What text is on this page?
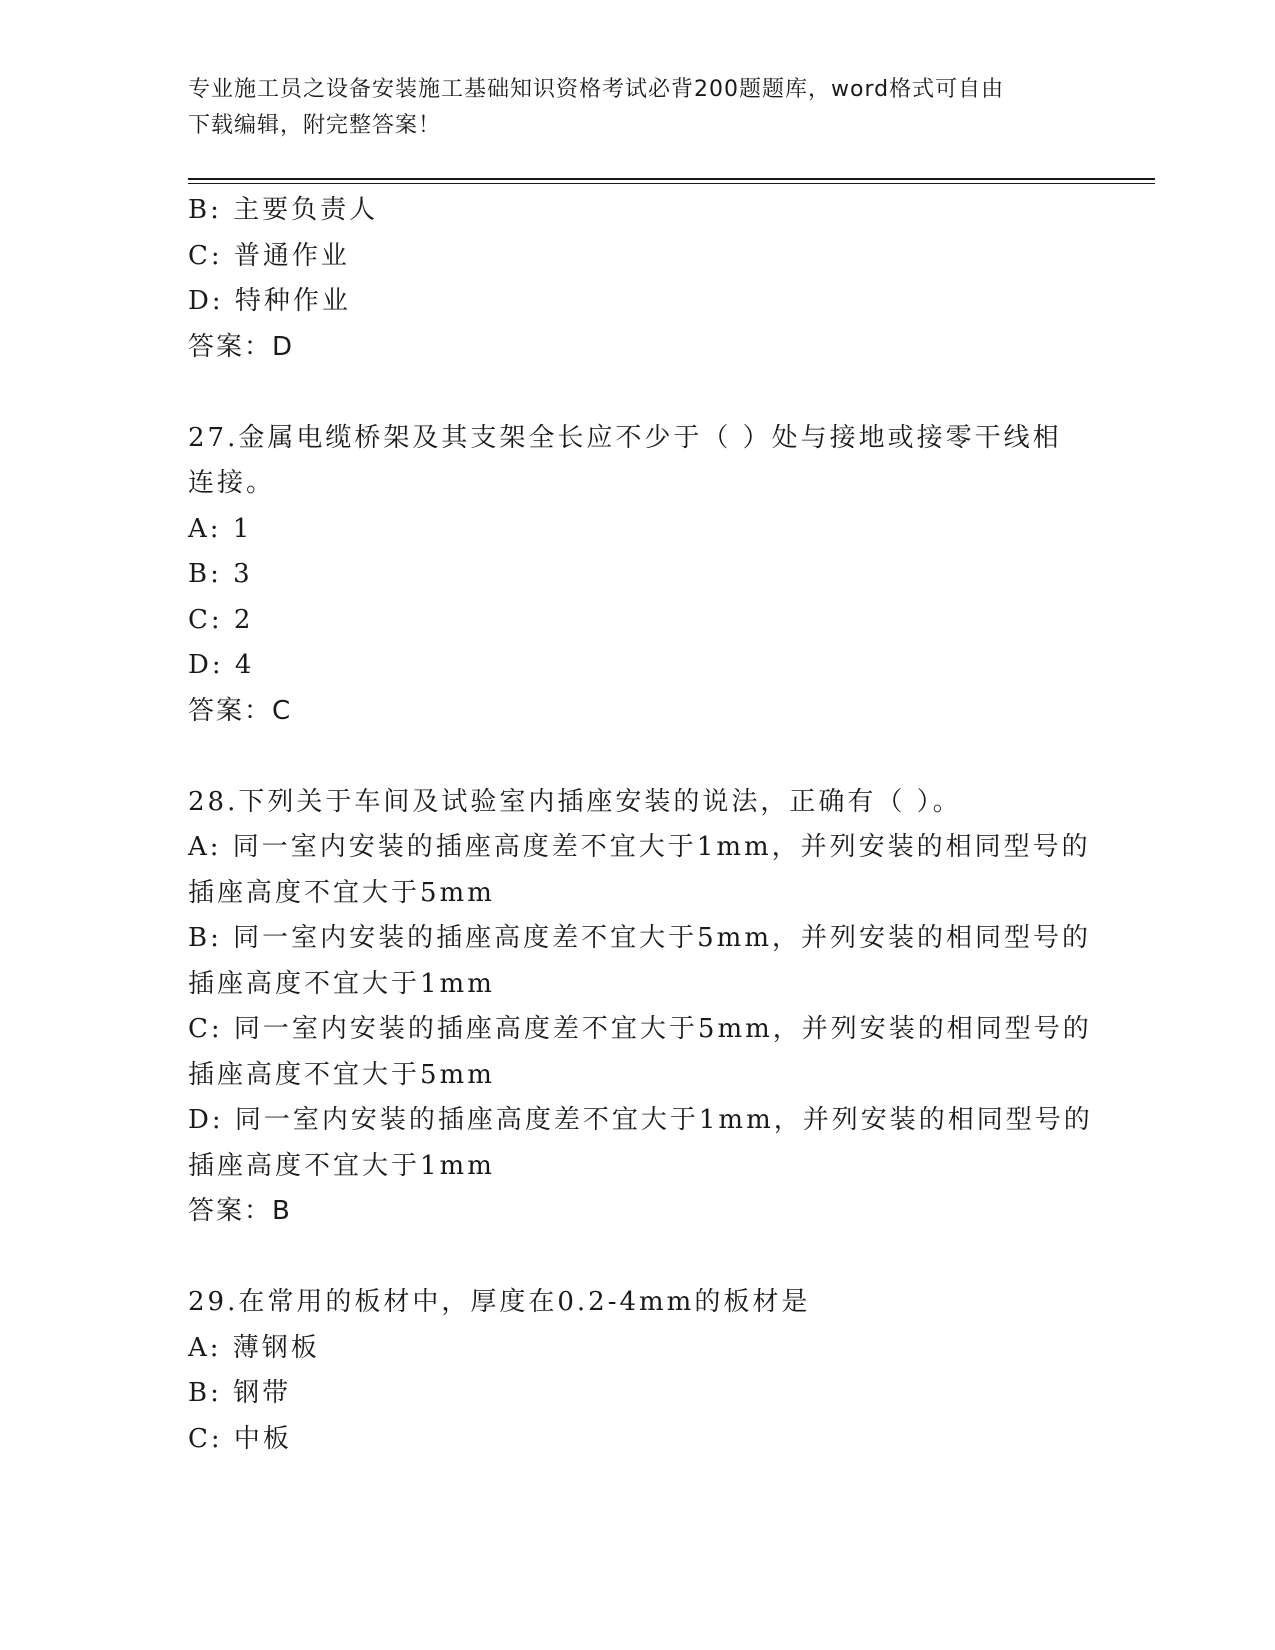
专业施工员之设备安装施工基础知识资格考试必背200题题库，word格式可自由
下载编辑，附完整答案！
B: 主要负责人
C: 普通作业
D: 特种作业
答案：D
27.金属电缆桥架及其支架全长应不少于（ ）处与接地或接零干线相
连接。
A: 1
B: 3
C: 2
D: 4
答案：C
28.下列关于车间及试验室内插座安装的说法，正确有（ ）。
A: 同一室内安装的插座高度差不宜大于1mm，并列安装的相同型号的
插座高度不宜大于5mm
B: 同一室内安装的插座高度差不宜大于5mm，并列安装的相同型号的
插座高度不宜大于1mm
C: 同一室内安装的插座高度差不宜大于5mm，并列安装的相同型号的
插座高度不宜大于5mm
D: 同一室内安装的插座高度差不宜大于1mm，并列安装的相同型号的
插座高度不宜大于1mm
答案：B
29.在常用的板材中，厚度在0.2-4mm的板材是
A: 薄钢板
B: 钢带
C: 中板
